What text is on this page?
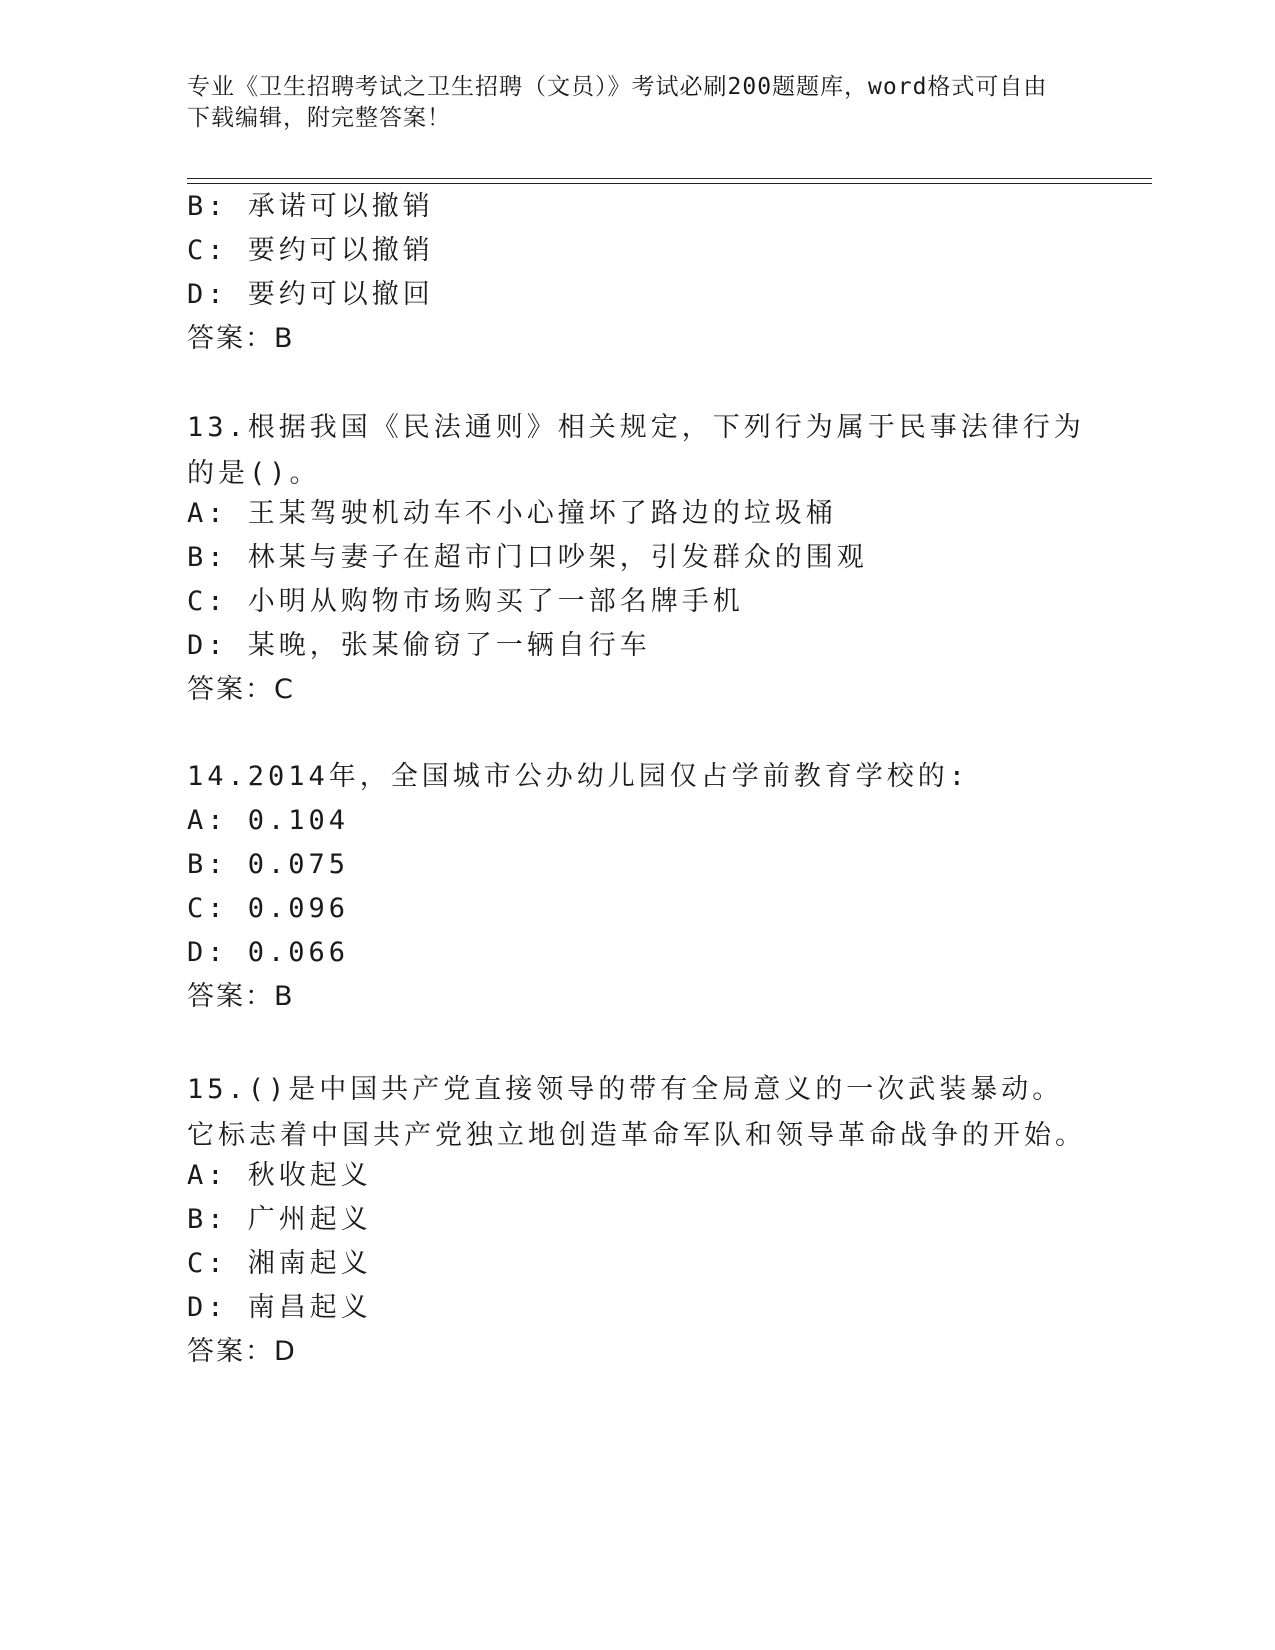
专业《卫生招聘考试之卫生招聘（文员）》考试必刷200题题库，word格式可自由下载编辑，附完整答案！
B: 承诺可以撤销
C: 要约可以撤销
D: 要约可以撤回
答案：B
13.根据我国《民法通则》相关规定，下列行为属于民事法律行为的是()。
A: 王某驾驶机动车不小心撞坏了路边的垃圾桶
B: 林某与妻子在超市门口吵架，引发群众的围观
C: 小明从购物市场购买了一部名牌手机
D: 某晚，张某偷窃了一辆自行车
答案：C
14.2014年，全国城市公办幼儿园仅占学前教育学校的:
A: 0.104
B: 0.075
C: 0.096
D: 0.066
答案：B
15.()是中国共产党直接领导的带有全局意义的一次武装暴动。它标志着中国共产党独立地创造革命军队和领导革命战争的开始。
A: 秋收起义
B: 广州起义
C: 湘南起义
D: 南昌起义
答案：D
